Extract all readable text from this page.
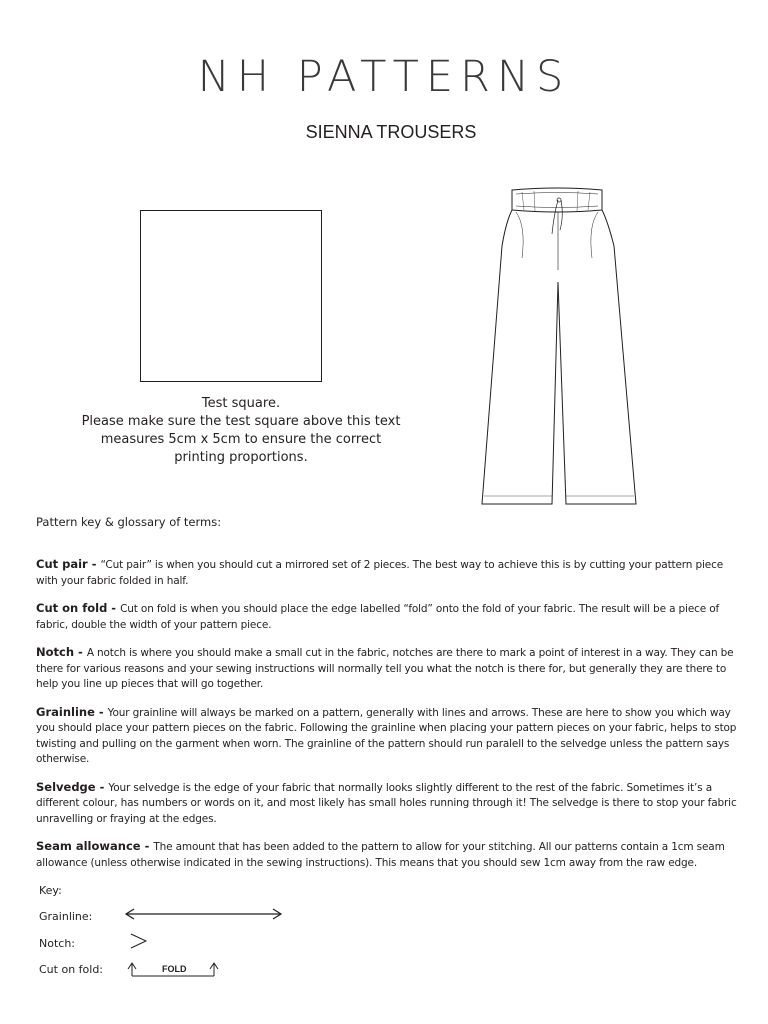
NH PATTERNS
SIENNA TROUSERS
Test square.
Please make sure the test square above this text
measures 5cm x 5cm to ensure the correct
printing proportions.
Pattern key & glossary of terms:

Cut pair - “Cut pair” is when you should cut a mirrored set of 2 pieces. The best way to achieve this is by cutting your pattern piece with your fabric folded in half.

Cut on fold - Cut on fold is when you should place the edge labelled “fold” onto the fold of your fabric. The result will be a piece of fabric, double the width of your pattern piece.

Notch - A notch is where you should make a small cut in the fabric, notches are there to mark a point of interest in a way. They can be there for various reasons and your sewing instructions will normally tell you what the notch is there for, but generally they are there to help you line up pieces that will go together.

Grainline - Your grainline will always be marked on a pattern, generally with lines and arrows. These are here to show you which way you should place your pattern pieces on the fabric. Following the grainline when placing your pattern pieces on your fabric, helps to stop twisting and pulling on the garment when worn. The grainline of the pattern should run paralell to the selvedge unless the pattern says otherwise.

Selvedge - Your selvedge is the edge of your fabric that normally looks slightly different to the rest of the fabric. Sometimes it’s a different colour, has numbers or words on it, and most likely has small holes running through it! The selvedge is there to stop your fabric unravelling or fraying at the edges.

Seam allowance - The amount that has been added to the pattern to allow for your stitching. All our patterns contain a 1cm seam allowance (unless otherwise indicated in the sewing instructions). This means that you should sew 1cm away from the raw edge.

Key:
Grainline:
Notch:
Cut on fold:	FOLD
